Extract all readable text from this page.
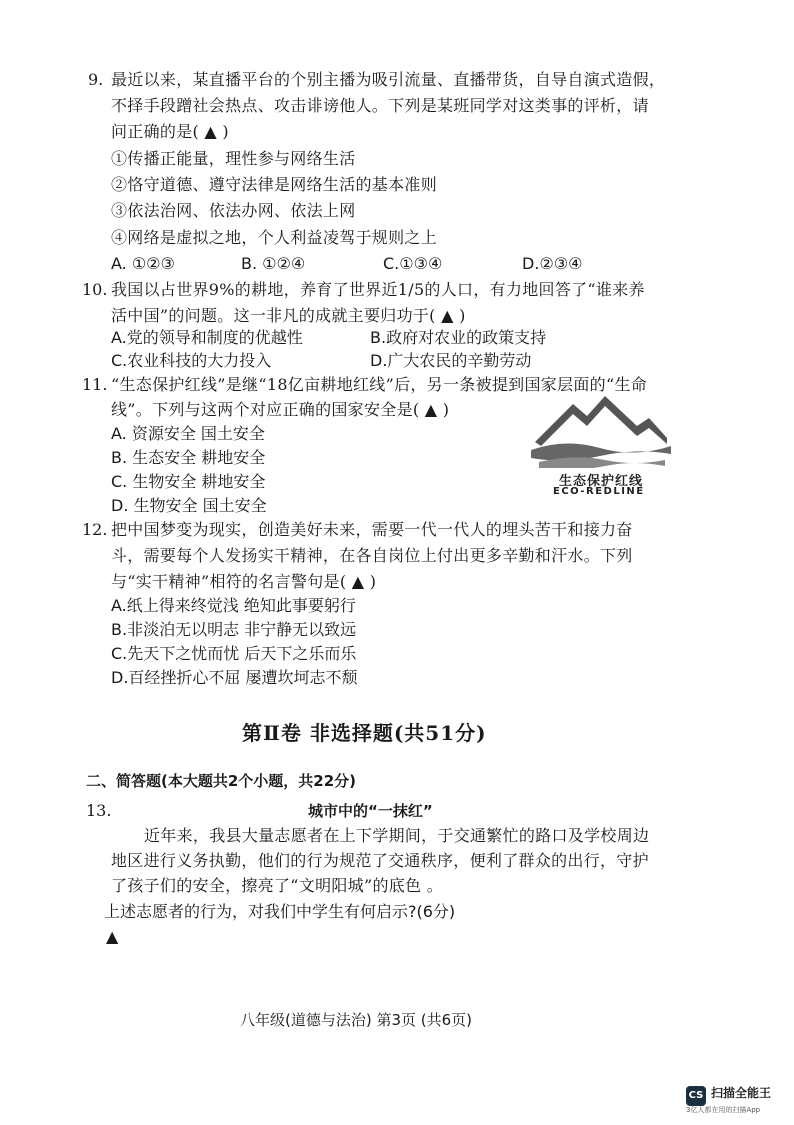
9. 最近以来，某直播平台的个别主播为吸引流量、直播带货，自导自演式造假，
不择手段蹭社会热点、攻击诽谤他人。下列是某班同学对这类事的评析，请
问正确的是( ▲ )
①传播正能量，理性参与网络生活
②恪守道德、遵守法律是网络生活的基本准则
③依法治网、依法办网、依法上网
④网络是虚拟之地，个人利益凌驾于规则之上
A. ①②③	B. ①②④	C.①③④	D.②③④
10. 我国以占世界9%的耕地，养育了世界近1/5的人口，有力地回答了“谁来养
活中国”的问题。这一非凡的成就主要归功于( ▲ )
A.党的领导和制度的优越性	B.政府对农业的政策支持
C.农业科技的大力投入	D.广大农民的辛勤劳动
11. “生态保护红线”是继“18亿亩耕地红线”后，另一条被提到国家层面的“生命
线”。下列与这两个对应正确的国家安全是( ▲ )
A. 资源安全 国土安全
B. 生态安全 耕地安全
C. 生物安全 耕地安全
D. 生物安全 国土安全
生态保护红线
ECO-REDLINE
12. 把中国梦变为现实，创造美好未来，需要一代一代人的埋头苦干和接力奋
斗，需要每个人发扬实干精神，在各自岗位上付出更多辛勤和汗水。下列
与“实干精神”相符的名言警句是( ▲ )
A.纸上得来终觉浅 绝知此事要躬行
B.非淡泊无以明志 非宁静无以致远
C.先天下之忧而忧 后天下之乐而乐
D.百经挫折心不屈 屡遭坎坷志不颓
第Ⅱ卷 非选择题(共51分)
二、简答题(本大题共2个小题，共22分)
13.	城市中的“一抹红”
近年来，我县大量志愿者在上下学期间，于交通繁忙的路口及学校周边
地区进行义务执勤，他们的行为规范了交通秩序，便利了群众的出行，守护
了孩子们的安全，擦亮了“文明阳城”的底色 。
上述志愿者的行为，对我们中学生有何启示?(6分)
▲
八年级(道德与法治) 第3页 (共6页)
CS 扫描全能王
3亿人都在用的扫描App
